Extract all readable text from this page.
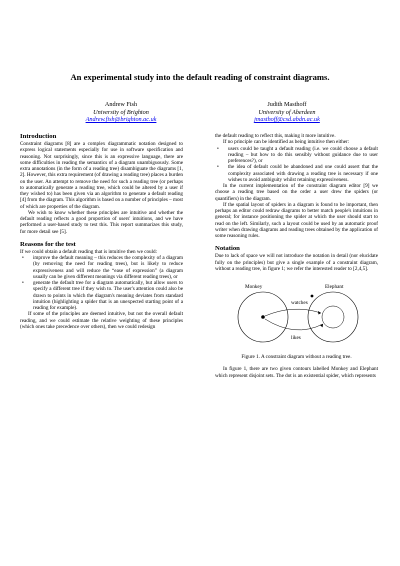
An experimental study into the default reading of constraint diagrams.
Andrew Fish
University of Brighton
Andrew.fish@brighton.ac.uk
Judith Masthoff
University of Aberdeen
jmasthoff@csd.abdn.ac.uk
Introduction

Constraint diagrams [8] are a complex diagrammatic notation designed to express logical statements especially for use in software specification and reasoning. Not surprisingly, since this is an expressive language, there are some difficulties in reading the semantics of a diagram unambiguously. Some extra annotations (in the form of a reading tree) disambiguate the diagrams [1, 2]. However, this extra requirement (of drawing a reading tree) places a burden on the user. An attempt to remove the need for such a reading tree (or perhaps to automatically generate a reading tree, which could be altered by a user if they wished to) has been given via an algorithm to generate a default reading [4] from the diagram. This algorithm is based on a number of principles – most of which are properties of the diagram.

We wish to know whether these principles are intuitive and whether the default reading reflects a good proportion of users' intuitions, and we have performed a user-based study to test this. This report summarizes this study, for more detail see [5].

Reasons for the test

If we could obtain a default reading that is intuitive then we could:

• improve the default meaning – this reduces the complexity of a diagram (by removing the need for reading trees), but is likely to reduce expressiveness and will reduce the “ease of expression” (a diagram usually can be given different meanings via different reading trees), or
• generate the default tree for a diagram automatically, but allow users to specify a different tree if they wish to. The user's attention could also be drawn to points in which the diagram's meaning deviates from standard intuition (highlighting a spider that is an unexpected starting point of a reading for example).

If some of the principles are deemed intuitive, but not the overall default reading, and we could estimate the relative weighting of these principles (which ones take precedence over others), then we could redesign

the default reading to reflect this, making it more intuitive.

If no principle can be identified as being intuitive then either:

• users could be taught a default reading (i.e. we could choose a default reading – but how to do this sensibly without guidance due to user preferences?), or
• the idea of default could be abandoned and one could assert that the complexity associated with drawing a reading tree is necessary if one wishes to avoid ambiguity whilst retaining expressiveness.

In the current implementation of the constraint diagram editor [9] we choose a reading tree based on the order a user drew the spiders (or quantifiers) in the diagram.

If the spatial layout of spiders in a diagram is found to be important, then perhaps an editor could redraw diagrams to better match people's intuitions in general; for instance positioning the spider at which the user should start to read on the left. Similarly, such a layout could be used by an automatic proof writer when drawing diagrams and reading trees obtained by the application of some reasoning rules.

Notation

Due to lack of space we will not introduce the notation in detail (nor elucidate fully on the principles) but give a single example of a constraint diagram, without a reading tree, in figure 1; we refer the interested reader to [2,4,5].

Monkey	Elephant
watches
likes
Figure 1. A constraint diagram without a reading tree.

In figure 1, there are two given contours labelled Monkey and Elephant which represent disjoint sets. The dot is an existential spider, which represents
